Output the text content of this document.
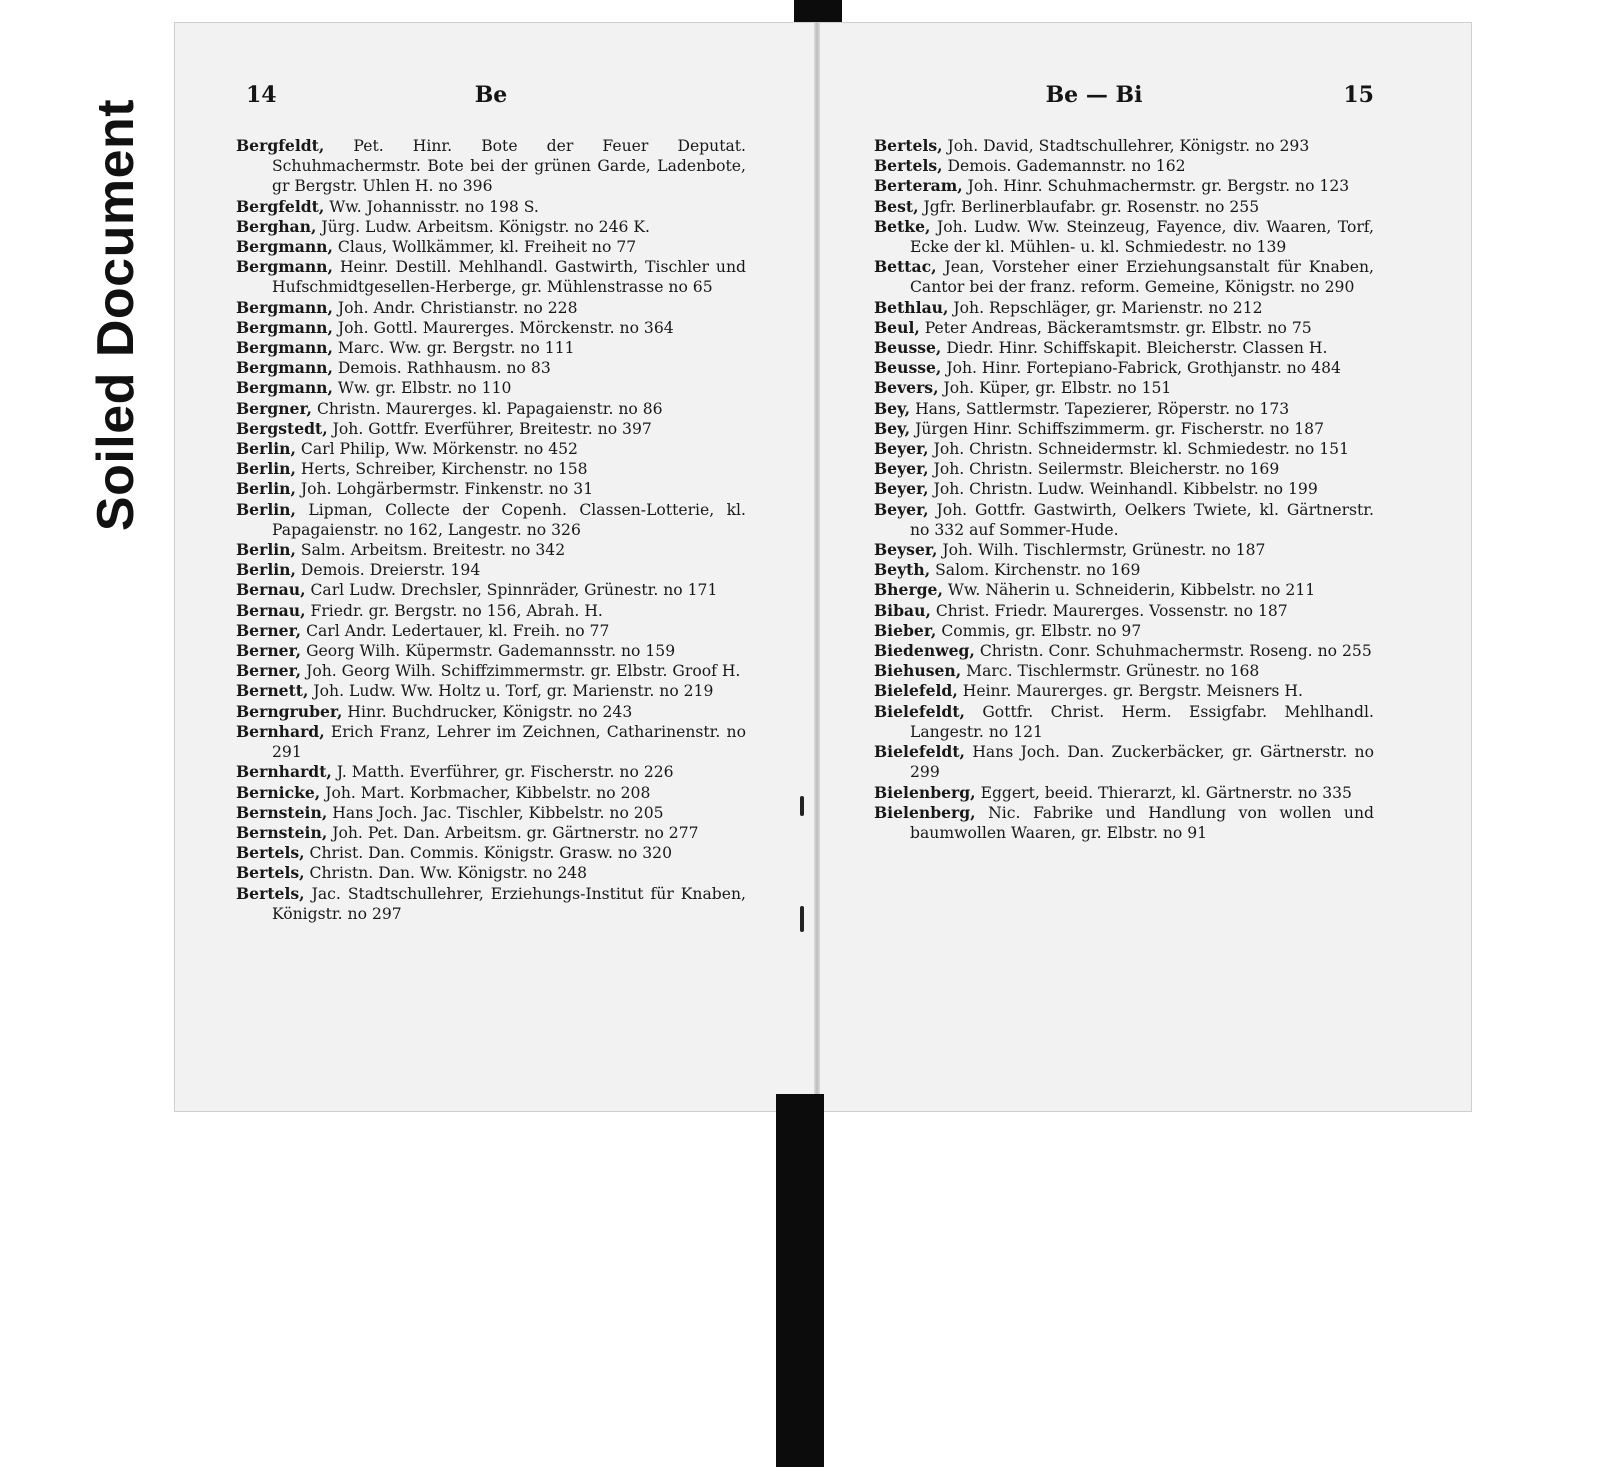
Soiled Document
14	Be
Bergfeldt, Pet. Hinr. Bote der Feuer Deputat. Schuhmachermstr. Bote bei der grünen Garde, Ladenbote, gr Bergstr. Uhlen H. no 396
Bergfeldt, Ww. Johannisstr. no 198 S.
Berghan, Jürg. Ludw. Arbeitsm. Königstr. no 246 K.
Bergmann, Claus, Wollkämmer, kl. Freiheit no 77
Bergmann, Heinr. Destill. Mehlhandl. Gastwirth, Tischler und Hufschmidtgesellen-Herberge, gr. Mühlenstrasse no 65
Bergmann, Joh. Andr. Christianstr. no 228
Bergmann, Joh. Gottl. Maurerges. Mörckenstr. no 364
Bergmann, Marc. Ww. gr. Bergstr. no 111
Bergmann, Demois. Rathhausm. no 83
Bergmann, Ww. gr. Elbstr. no 110
Bergner, Christn. Maurerges. kl. Papagaienstr. no 86
Bergstedt, Joh. Gottfr. Everführer, Breitestr. no 397
Berlin, Carl Philip, Ww. Mörkenstr. no 452
Berlin, Herts, Schreiber, Kirchenstr. no 158
Berlin, Joh. Lohgärbermstr. Finkenstr. no 31
Berlin, Lipman, Collecte der Copenh. Classen-Lotterie, kl. Papagaienstr. no 162, Langestr. no 326
Berlin, Salm. Arbeitsm. Breitestr. no 342
Berlin, Demois. Dreierstr. 194
Bernau, Carl Ludw. Drechsler, Spinnräder, Grünestr. no 171
Bernau, Friedr. gr. Bergstr. no 156, Abrah. H.
Berner, Carl Andr. Ledertauer, kl. Freih. no 77
Berner, Georg Wilh. Küpermstr. Gademannsstr. no 159
Berner, Joh. Georg Wilh. Schiffzimmermstr. gr. Elbstr. Groof H.
Bernett, Joh. Ludw. Ww. Holtz u. Torf, gr. Marienstr. no 219
Berngruber, Hinr. Buchdrucker, Königstr. no 243
Bernhard, Erich Franz, Lehrer im Zeichnen, Catharinenstr. no 291
Bernhardt, J. Matth. Everführer, gr. Fischerstr. no 226
Bernicke, Joh. Mart. Korbmacher, Kibbelstr. no 208
Bernstein, Hans Joch. Jac. Tischler, Kibbelstr. no 205
Bernstein, Joh. Pet. Dan. Arbeitsm. gr. Gärtnerstr. no 277
Bertels, Christ. Dan. Commis. Königstr. Grasw. no 320
Bertels, Christn. Dan. Ww. Königstr. no 248
Bertels, Jac. Stadtschullehrer, Erziehungs-Institut für Knaben, Königstr. no 297
Be — Bi	15
Bertels, Joh. David, Stadtschullehrer, Königstr. no 293
Bertels, Demois. Gademannstr. no 162
Berteram, Joh. Hinr. Schuhmachermstr. gr. Bergstr. no 123
Best, Jgfr. Berlinerblaufabr. gr. Rosenstr. no 255
Betke, Joh. Ludw. Ww. Steinzeug, Fayence, div. Waaren, Torf, Ecke der kl. Mühlen- u. kl. Schmiedestr. no 139
Bettac, Jean, Vorsteher einer Erziehungsanstalt für Knaben, Cantor bei der franz. reform. Gemeine, Königstr. no 290
Bethlau, Joh. Repschläger, gr. Marienstr. no 212
Beul, Peter Andreas, Bäckeramtsmstr. gr. Elbstr. no 75
Beusse, Diedr. Hinr. Schiffskapit. Bleicherstr. Classen H.
Beusse, Joh. Hinr. Fortepiano-Fabrick, Grothjanstr. no 484
Bevers, Joh. Küper, gr. Elbstr. no 151
Bey, Hans, Sattlermstr. Tapezierer, Röperstr. no 173
Bey, Jürgen Hinr. Schiffszimmerm. gr. Fischerstr. no 187
Beyer, Joh. Christn. Schneidermstr. kl. Schmiedestr. no 151
Beyer, Joh. Christn. Seilermstr. Bleicherstr. no 169
Beyer, Joh. Christn. Ludw. Weinhandl. Kibbelstr. no 199
Beyer, Joh. Gottfr. Gastwirth, Oelkers Twiete, kl. Gärtnerstr. no 332 auf Sommer-Hude.
Beyser, Joh. Wilh. Tischlermstr, Grünestr. no 187
Beyth, Salom. Kirchenstr. no 169
Bherge, Ww. Näherin u. Schneiderin, Kibbelstr. no 211
Bibau, Christ. Friedr. Maurerges. Vossenstr. no 187
Bieber, Commis, gr. Elbstr. no 97
Biedenweg, Christn. Conr. Schuhmachermstr. Roseng. no 255
Biehusen, Marc. Tischlermstr. Grünestr. no 168
Bielefeld, Heinr. Maurerges. gr. Bergstr. Meisners H.
Bielefeldt, Gottfr. Christ. Herm. Essigfabr. Mehlhandl. Langestr. no 121
Bielefeldt, Hans Joch. Dan. Zuckerbäcker, gr. Gärtnerstr. no 299
Bielenberg, Eggert, beeid. Thierarzt, kl. Gärtnerstr. no 335
Bielenberg, Nic. Fabrike und Handlung von wollen und baumwollen Waaren, gr. Elbstr. no 91
